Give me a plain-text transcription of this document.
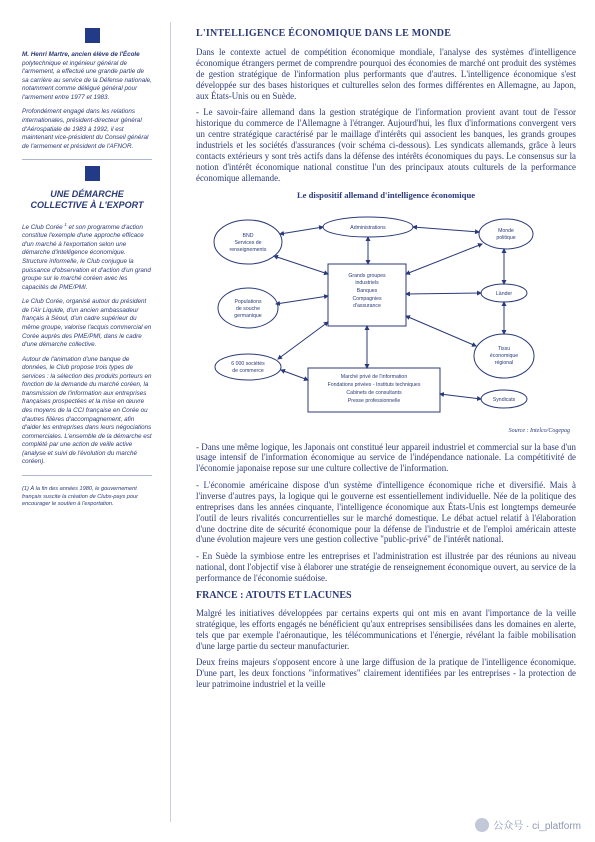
M. Henri Martre, ancien élève de l'École polytechnique et ingénieur général de l'armement, a effectué une grande partie de sa carrière au service de la Défense nationale, notamment comme délégué général pour l'armement entre 1977 et 1983.

Profondément engagé dans les relations internationales, président-directeur général d'Aérospatiale de 1983 à 1992, il est maintenant vice-président du Conseil général de l'armement et président de l'AFNOR.

UNE DÉMARCHE COLLECTIVE À L'EXPORT

Le Club Corée $^1$ et son programme d'action constitue l'exemple d'une approche efficace d'un marché à l'exportation selon une démarche d'intelligence économique. Structure informelle, le Club conjugue la puissance d'observation et d'action d'un grand groupe sur le marché coréen avec les capacités de PME/PMI.

Le Club Corée, organisé autour du président de l'Air Liquide, d'un ancien ambassadeur français à Séoul, d'un cadre supérieur du même groupe, valorise l'acquis commercial en Corée auprès des PME/PMI, dans le cadre d'une démarche collective.

Autour de l'animation d'une banque de données, le Club propose trois types de services : la sélection des produits porteurs en fonction de la demande du marché coréen, la transmission de l'information aux entreprises françaises prospectées et la mise en œuvre des moyens de la CCI française en Corée ou d'autres filières d'accompagnement, afin d'aider les entreprises dans leurs négociations commerciales. L'ensemble de la démarche est complété par une action de veille active (analyse et suivi de l'évolution du marché coréen).

(1) À la fin des années 1980, le gouvernement français suscite la création de Clubs-pays pour encourager le soutien à l'exportation.
L'INTELLIGENCE ÉCONOMIQUE DANS LE MONDE

Dans le contexte actuel de compétition économique mondiale, l'analyse des systèmes d'intelligence économique étrangers permet de comprendre pourquoi des économies de marché ont produit des systèmes de gestion stratégique de l'information plus performants que d'autres. L'intelligence économique s'est développée sur des bases historiques et culturelles selon des formes différentes en Allemagne, au Japon, aux États-Unis ou en Suède.

- Le savoir-faire allemand dans la gestion stratégique de l'information provient avant tout de l'essor historique du commerce de l'Allemagne à l'étranger. Aujourd'hui, les flux d'informations convergent vers un centre stratégique caractérisé par le maillage d'intérêts qui associent les banques, les grands groupes industriels et les sociétés d'assurances (voir schéma ci-dessous). Les syndicats allemands, grâce à leurs contacts extérieurs y sont très actifs dans la défense des intérêts économiques du pays. Le consensus sur la notion d'intérêt économique national constitue l'un des principaux atouts culturels de la performance économique allemande.

Le dispositif allemand d'intelligence économique
BND
Services de
renseignements
Administrations	Monde
politique
Grands groupes
industriels
Banques
Compagnies
d'assurance
Populations
de souche
germanique
Länder
6 000 sociétés
de commerce
Tissu
économique
régional
Marché privé de l'information
Fondations privées - Instituts techniques
Cabinets de consultants
Presse professionnelle	Syndicats
Source : Intelco/Cogepag

- Dans une même logique, les Japonais ont constitué leur appareil industriel et commercial sur la base d'un usage intensif de l'information économique au service de l'indépendance nationale. La compétitivité de l'économie japonaise repose sur une culture collective de l'information.

- L'économie américaine dispose d'un système d'intelligence économique riche et diversifié. Mais à l'inverse d'autres pays, la logique qui le gouverne est essentiellement individuelle. Née de la politique des entreprises dans les années cinquante, l'intelligence économique aux États-Unis est longtemps demeurée l'outil de leurs rivalités concurrentielles sur le marché domestique. Le débat actuel relatif à l'élaboration d'une doctrine dite de sécurité économique pour la défense de l'industrie et de l'emploi américain atteste d'une évolution majeure vers une gestion collective "public-privé" de l'intérêt national.

- En Suède la symbiose entre les entreprises et l'administration est illustrée par des réunions au niveau national, dont l'objectif vise à élaborer une stratégie de renseignement économique ouvert, au service de la performance de l'économie suédoise.

FRANCE : ATOUTS ET LACUNES

Malgré les initiatives développées par certains experts qui ont mis en avant l'importance de la veille stratégique, les efforts engagés ne bénéficient qu'aux entreprises sensibilisées dans les domaines en alerte, tels que par exemple l'aéronautique, les télécommunications et l'énergie, révélant la faible mobilisation d'une large partie du secteur manufacturier.

Deux freins majeurs s'opposent encore à une large diffusion de la pratique de l'intelligence économique. D'une part, les deux fonctions "informatives" clairement identifiées par les entreprises - la protection de leur patrimoine industriel et la veille

公众号 · ci_platform
